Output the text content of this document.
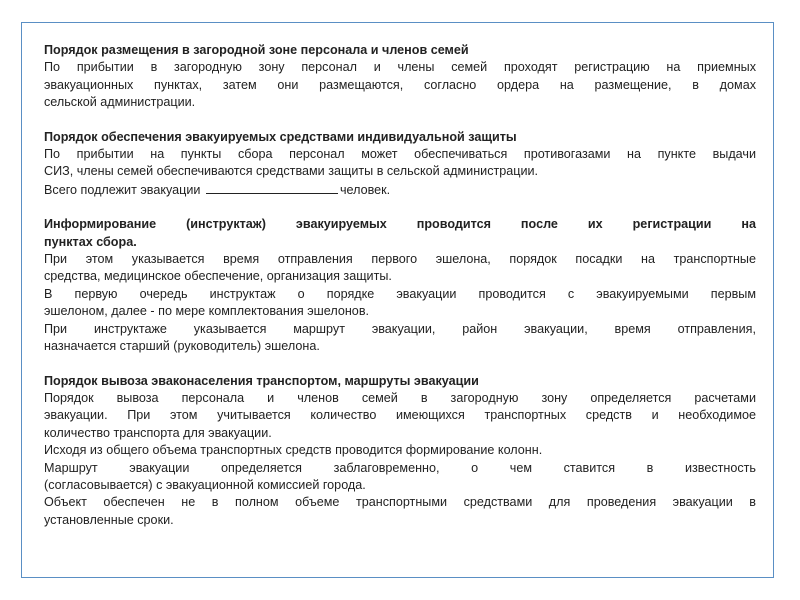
Порядок размещения в загородной зоне персонала и членов семей

По прибытии в загородную зону персонал и члены семей проходят регистрацию на приемных
эвакуационных пунктах, затем они размещаются, согласно ордера на размещение, в домах
сельской администрации.

Порядок обеспечения эвакуируемых средствами индивидуальной защиты

По прибытии на пункты сбора персонал может обеспечиваться противогазами на пункте выдачи
СИЗ, члены семей обеспечиваются средствами защиты в сельской администрации.

Всего подлежит эвакуации	человек.

Информирование (инструктаж) эвакуируемых проводится после их регистрации на
пунктах сбора.

При этом указывается время отправления первого эшелона, порядок посадки на транспортные
средства, медицинское обеспечение, организация защиты.

В первую очередь инструктаж о порядке эвакуации проводится с эвакуируемыми первым
эшелоном, далее - по мере комплектования эшелонов.

При инструктаже указывается маршрут эвакуации, район эвакуации, время отправления,
назначается старший (руководитель) эшелона.

Порядок вывоза эваконаселения транспортом, маршруты эвакуации

Порядок вывоза персонала и членов семей в загородную зону определяется расчетами
эвакуации. При этом учитывается количество имеющихся транспортных средств и необходимое
количество транспорта для эвакуации.

Исходя из общего объема транспортных средств проводится формирование колонн.

Маршрут эвакуации определяется заблаговременно, о чем ставится в известность
(согласовывается) с эвакуационной комиссией города.

Объект обеспечен не в полном объеме транспортными средствами для проведения эвакуации в
установленные сроки.
